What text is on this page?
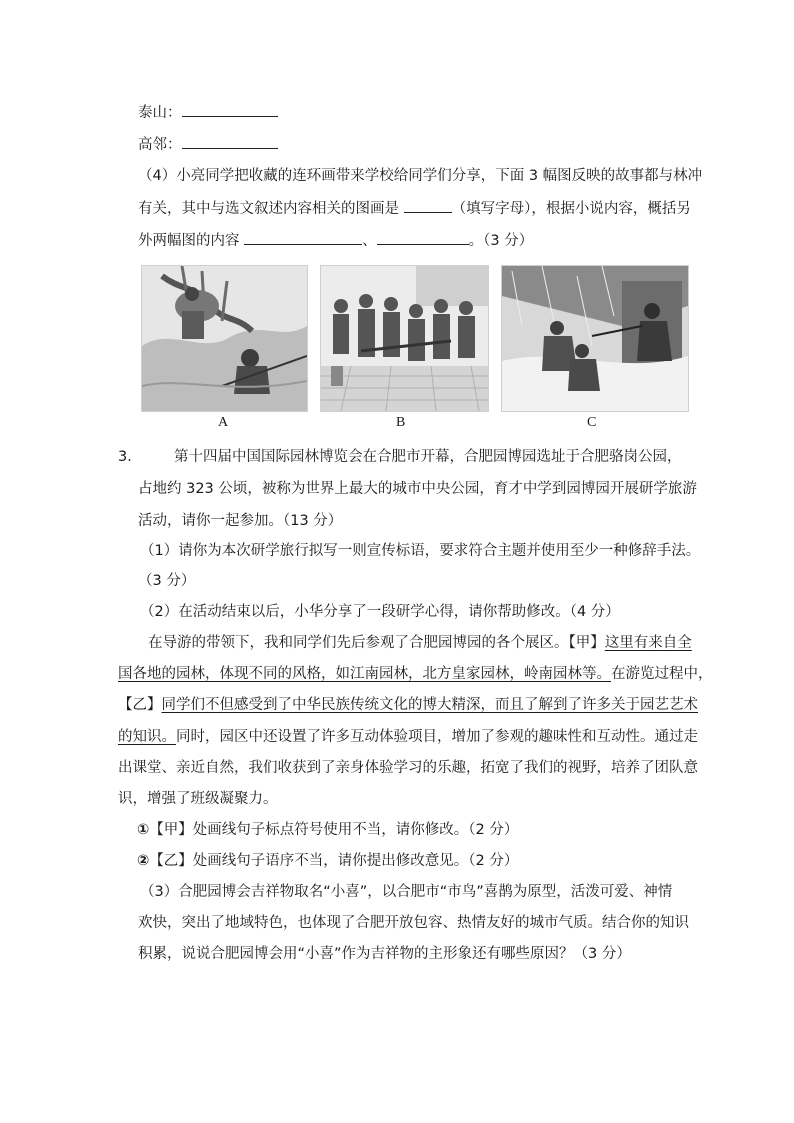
泰山：
高邻：
（4）小亮同学把收藏的连环画带来学校给同学们分享，下面 3 幅图反映的故事都与林冲
有关，其中与选文叙述内容相关的图画是	（填写字母），根据小说内容，概括另
外两幅图的内容	、	。（3 分）
A	B	C
3． 第十四届中国国际园林博览会在合肥市开幕，合肥园博园选址于合肥骆岗公园，
占地约 323 公顷，被称为世界上最大的城市中央公园，育才中学到园博园开展研学旅游
活动，请你一起参加。（13 分）
（1）请你为本次研学旅行拟写一则宣传标语，要求符合主题并使用至少一种修辞手法。
（3 分）
（2）在活动结束以后，小华分享了一段研学心得，请你帮助修改。（4 分）
在导游的带领下，我和同学们先后参观了合肥园博园的各个展区。【甲】这里有来自全
国各地的园林，体现不同的风格，如江南园林，北方皇家园林，岭南园林等。在游览过程中，
【乙】同学们不但感受到了中华民族传统文化的博大精深，而且了解到了许多关于园艺艺术
的知识。同时，园区中还设置了许多互动体验项目，增加了参观的趣味性和互动性。通过走
出课堂、亲近自然，我们收获到了亲身体验学习的乐趣，拓宽了我们的视野，培养了团队意
识，增强了班级凝聚力。
①【甲】处画线句子标点符号使用不当，请你修改。（2 分）
②【乙】处画线句子语序不当，请你提出修改意见。（2 分）
（3）合肥园博会吉祥物取名“小喜”，以合肥市“市鸟”喜鹊为原型，活泼可爱、神情
欢快，突出了地域特色，也体现了合肥开放包容、热情友好的城市气质。结合你的知识
积累，说说合肥园博会用“小喜”作为吉祥物的主形象还有哪些原因？（3 分）
